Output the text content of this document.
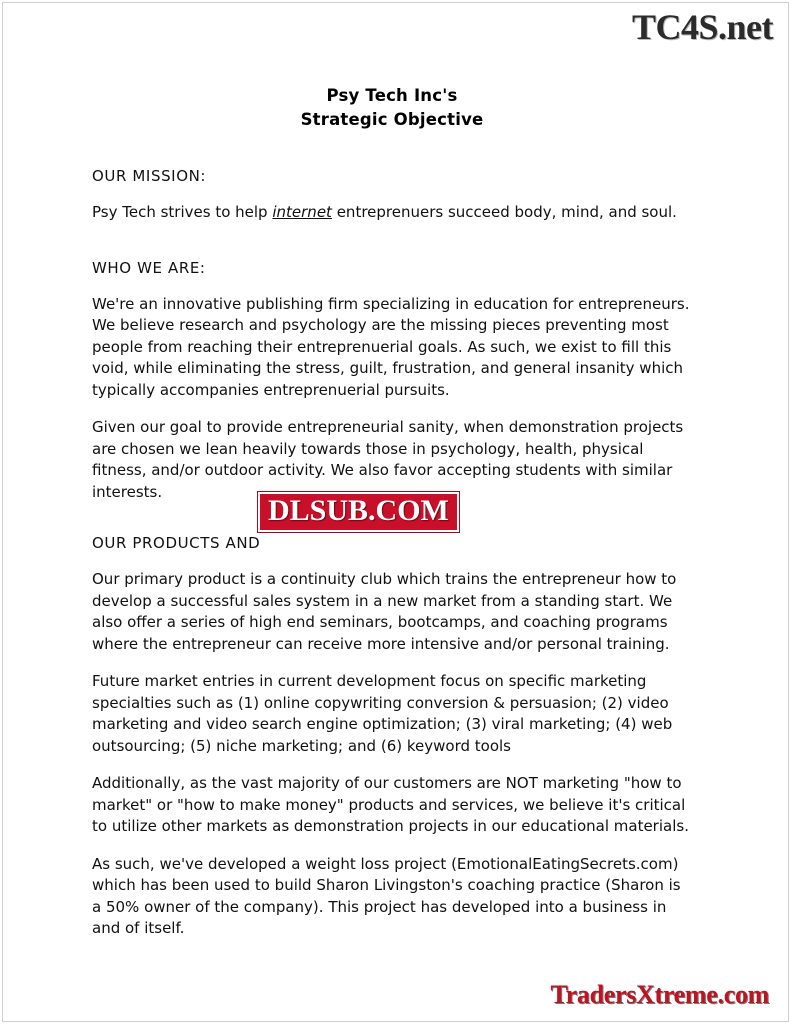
TC4S.net
Psy Tech Inc's
Strategic Objective
OUR MISSION:

Psy Tech strives to help internet entreprenuers succeed body, mind, and soul.

WHO WE ARE:

We're an innovative publishing firm specializing in education for entrepreneurs. We believe research and psychology are the missing pieces preventing most people from reaching their entreprenuerial goals. As such, we exist to fill this void, while eliminating the stress, guilt, frustration, and general insanity which typically accompanies entreprenuerial pursuits.

Given our goal to provide entrepreneurial sanity, when demonstration projects are chosen we lean heavily towards those in psychology, health, physical fitness, and/or outdoor activity. We also favor accepting students with similar interests.

OUR PRODUCTS AND

Our primary product is a continuity club which trains the entrepreneur how to develop a successful sales system in a new market from a standing start. We also offer a series of high end seminars, bootcamps, and coaching programs where the entrepreneur can receive more intensive and/or personal training.

Future market entries in current development focus on specific marketing specialties such as (1) online copywriting conversion & persuasion; (2) video marketing and video search engine optimization; (3) viral marketing; (4) web outsourcing; (5) niche marketing; and (6) keyword tools

Additionally, as the vast majority of our customers are NOT marketing "how to market" or "how to make money" products and services, we believe it's critical to utilize other markets as demonstration projects in our educational materials.

As such, we've developed a weight loss project (EmotionalEatingSecrets.com) which has been used to build Sharon Livingston's coaching practice (Sharon is a 50% owner of the company). This project has developed into a business in and of itself.

DLSUB.COM
TradersXtreme.com
